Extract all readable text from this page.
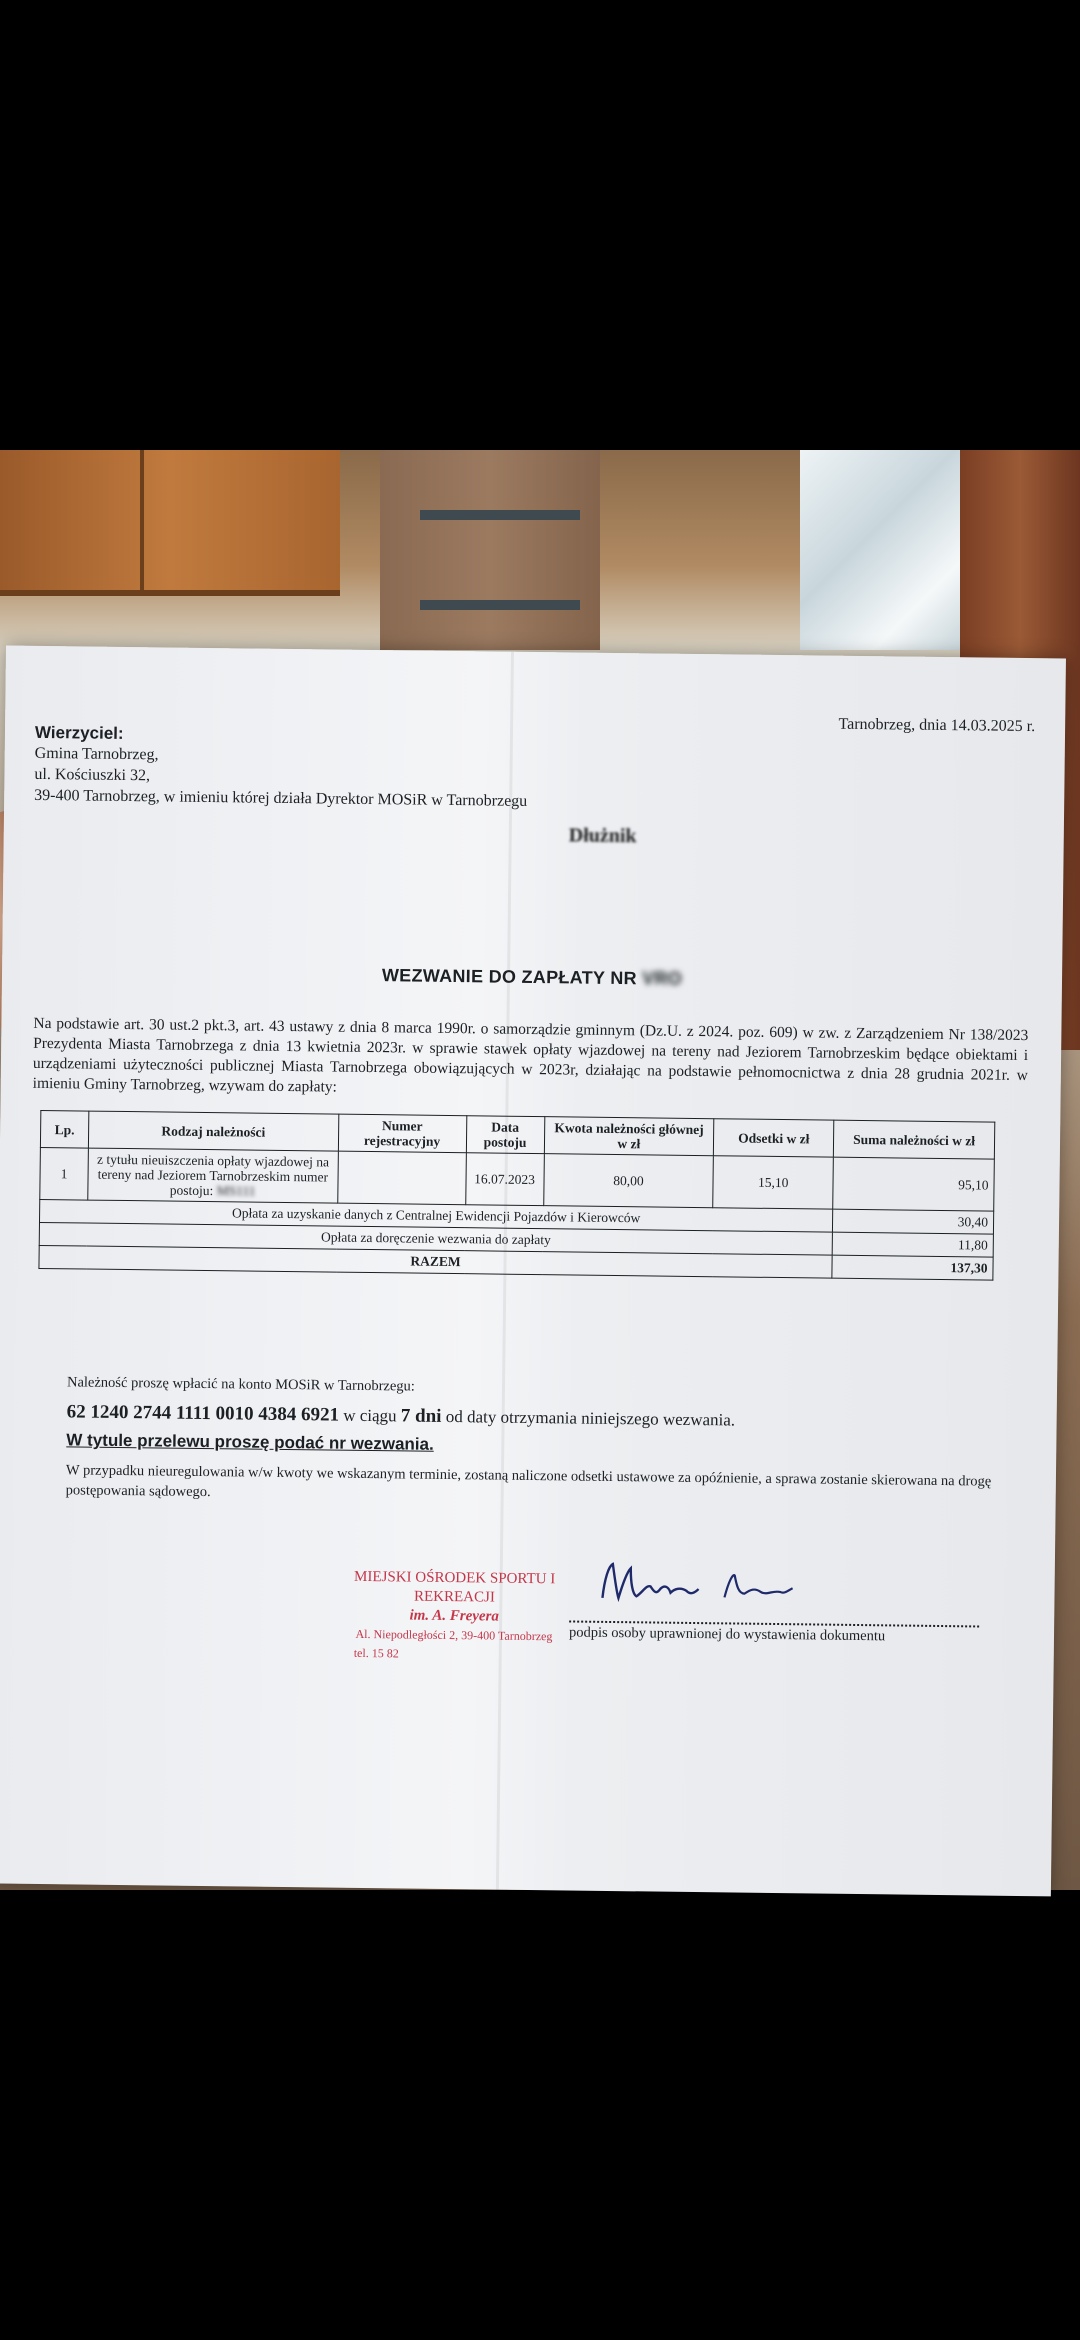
Tarnobrzeg, dnia 14.03.2025 r.
Wierzyciel:
Gmina Tarnobrzeg,
ul. Kościuszki 32,
39-400 Tarnobrzeg, w imieniu której działa Dyrektor MOSiR w Tarnobrzegu
Dłużnik
WEZWANIE DO ZAPŁATY NR VRO
Na podstawie art. 30 ust.2 pkt.3, art. 43 ustawy z dnia 8 marca 1990r. o samorządzie gminnym (Dz.U. z 2024. poz. 609) w zw. z Zarządzeniem Nr 138/2023 Prezydenta Miasta Tarnobrzega z dnia 13 kwietnia 2023r. w sprawie stawek opłaty wjazdowej na tereny nad Jeziorem Tarnobrzeskim będące obiektami i urządzeniami użyteczności publicznej Miasta Tarnobrzega obowiązujących w 2023r, działając na podstawie pełnomocnictwa z dnia 28 grudnia 2021r. w imieniu Gminy Tarnobrzeg, wzywam do zapłaty:
Lp.	Rodzaj należności	Numer rejestracyjny	Data postoju	Kwota należności głównej w zł	Odsetki w zł	Suma należności w zł
1	z tytułu nieuiszczenia opłaty wjazdowej na tereny nad Jeziorem Tarnobrzeskim numer postoju: MS111		16.07.2023	80,00	15,10	95,10
Opłata za uzyskanie danych z Centralnej Ewidencji Pojazdów i Kierowców						30,40
Opłata za doręczenie wezwania do zapłaty						11,80
RAZEM						137,30
Należność proszę wpłacić na konto MOSiR w Tarnobrzegu:
62 1240 2744 1111 0010 4384 6921 w ciągu 7 dni od daty otrzymania niniejszego wezwania.
W tytule przelewu proszę podać nr wezwania.
W przypadku nieuregulowania w/w kwoty we wskazanym terminie, zostaną naliczone odsetki ustawowe za opóźnienie, a sprawa zostanie skierowana na drogę postępowania sądowego.
MIEJSKI OŚRODEK SPORTU I REKREACJI
im. A. Freyera
Al. Niepodległości 2, 39-400 Tarnobrzeg
tel. 15 82
podpis osoby uprawnionej do wystawienia dokumentu
